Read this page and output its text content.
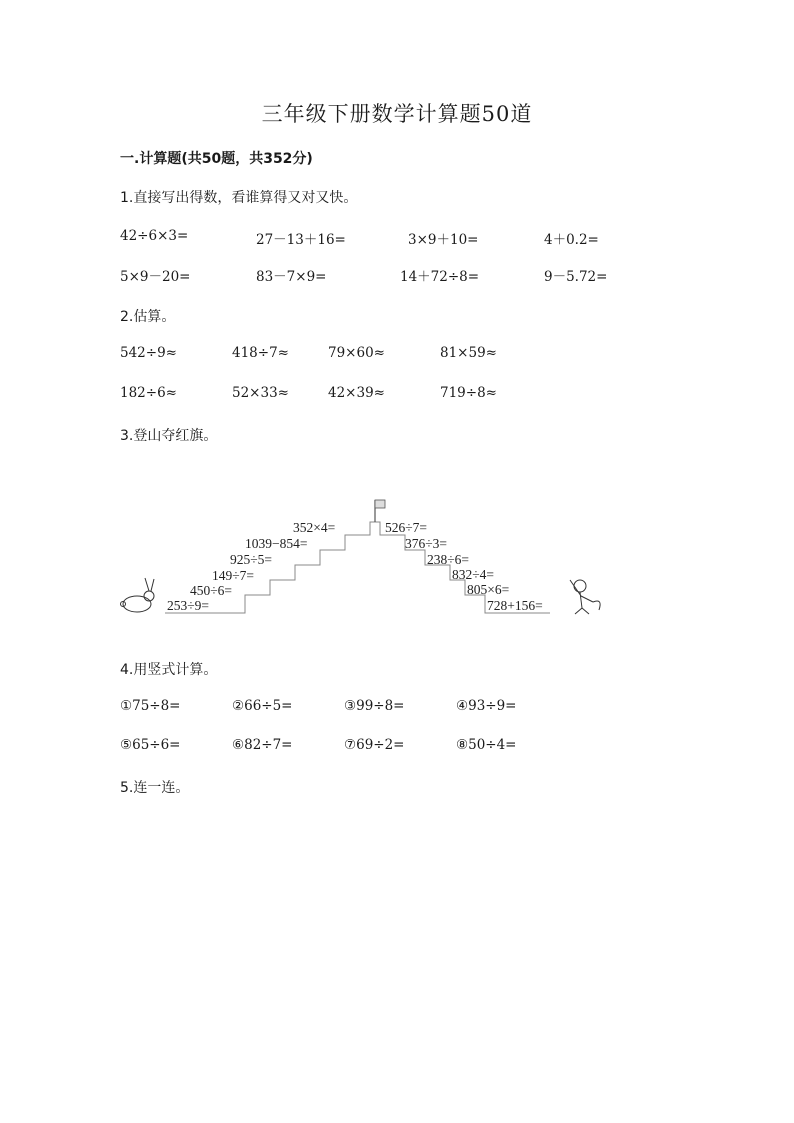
三年级下册数学计算题50道
一.计算题(共50题，共352分)
1.直接写出得数，看谁算得又对又快。
42÷6×3=	27－13＋16=	3×9＋10=	4＋0.2=
5×9－20=	83－7×9=	14＋72÷8=	9－5.72=
2.估算。
542÷9≈	418÷7≈	79×60≈	81×59≈
182÷6≈	52×33≈	42×39≈	719÷8≈
3.登山夺红旗。
253÷9=
450÷6=
149÷7=
925÷5=
1039−854=
352×4=	526÷7=
376÷3=
238÷6=
832÷4=
805×6=
728+156=
4.用竖式计算。
①75÷8=	②66÷5=	③99÷8=	④93÷9=
⑤65÷6=	⑥82÷7=	⑦69÷2=	⑧50÷4=
5.连一连。
